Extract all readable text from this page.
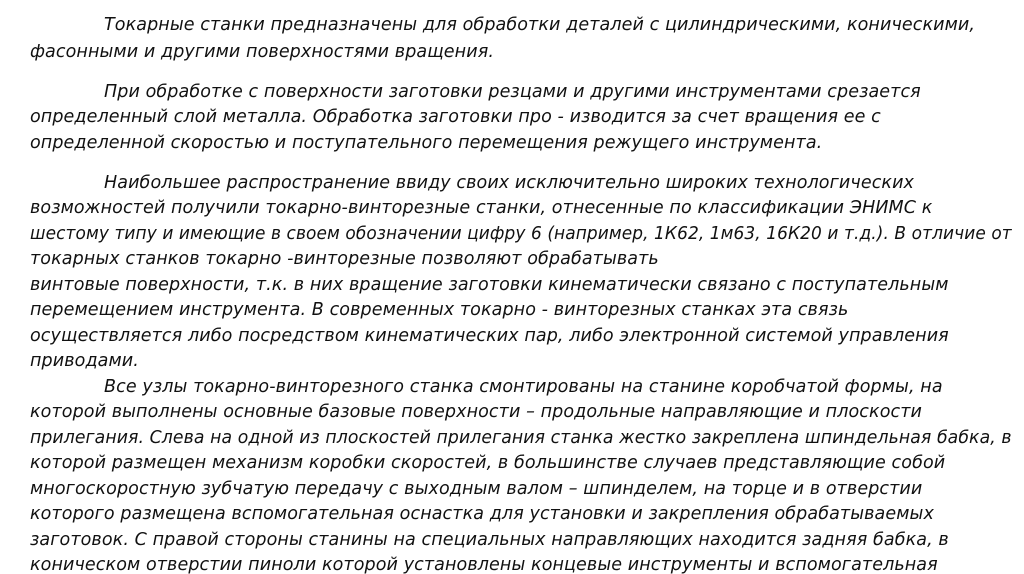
Токарные станки предназначены для обработки деталей с цилиндрическими, коническими,
фасонными и другими поверхностями вращения.
При обработке с поверхности заготовки резцами и другими инструментами срезается
определенный слой металла. Обработка заготовки про - изводится за счет вращения ее с
определенной скоростью и поступательного перемещения режущего инструмента.
Наибольшее распространение ввиду своих исключительно широких технологических
возможностей получили токарно-винторезные станки, отнесенные по классификации ЭНИМС к
шестому типу и имеющие в своем обозначении цифру 6 (например, 1К62, 1м63, 16К20 и т.д.). В отличие от
токарных станков токарно -винторезные позволяют обрабатывать
винтовые поверхности, т.к. в них вращение заготовки кинематически связано с поступательным
перемещением инструмента. В современных токарно - винторезных станках эта связь
осуществляется либо посредством кинематических пар, либо электронной системой управления
приводами.
Все узлы токарно-винторезного станка смонтированы на станине коробчатой формы, на
которой выполнены основные базовые поверхности – продольные направляющие и плоскости
прилегания. Слева на одной из плоскостей прилегания станка жестко закреплена шпиндельная бабка, в
которой размещен механизм коробки скоростей, в большинстве случаев представляющие собой
многоскоростную зубчатую передачу с выходным валом – шпинделем, на торце и в отверстии
которого размещена вспомогательная оснастка для установки и закрепления обрабатываемых
заготовок. С правой стороны станины на специальных направляющих находится задняя бабка, в
коническом отверстии пиноли которой установлены концевые инструменты и вспомогательная
